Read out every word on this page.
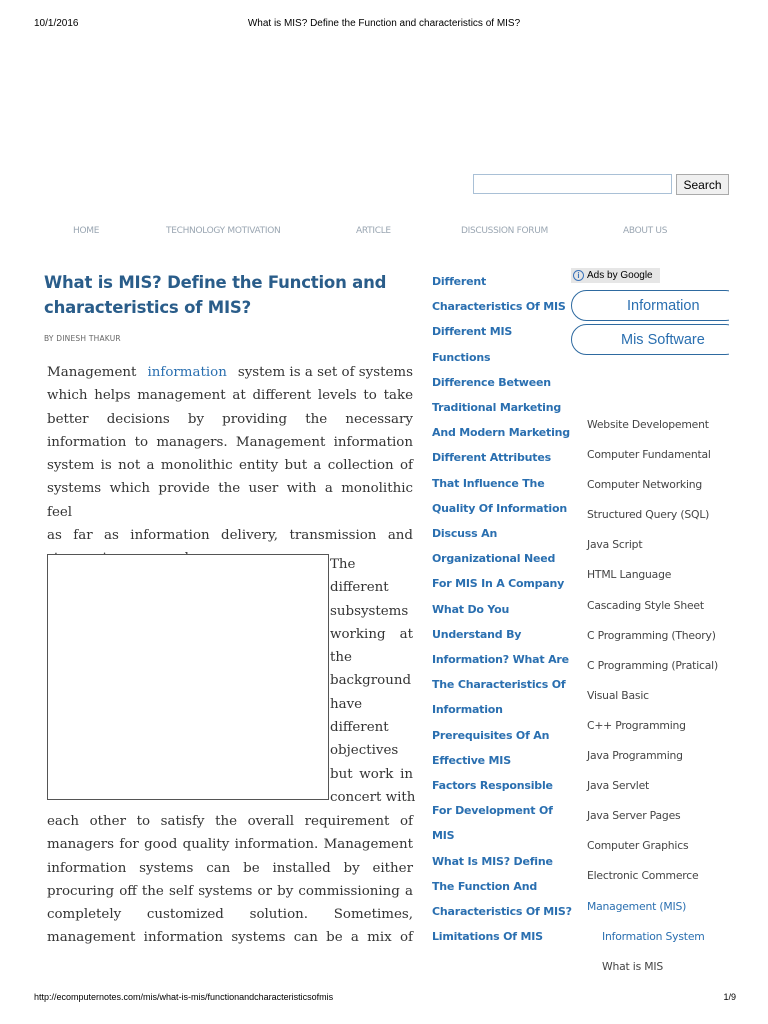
10/1/2016	What is MIS? Define the Function and characteristics of MIS?
Search
HOME	TECHNOLOGY MOTIVATION	ARTICLE	DISCUSSION FORUM	ABOUT US
What is MIS? Define the Function and
characteristics of MIS?
BY DINESH THAKUR
Management information system is a set of systems
which helps management at different levels to take
better decisions by providing the necessary
information to managers. Management information
system is not a monolithic entity but a collection of
systems which provide the user with a monolithic feel
as far as information delivery, transmission and
The
different
subsystems
working at
the
background
have
different
objectives
but work in
concert with
each other to satisfy the overall requirement of
managers for good quality information. Management
information systems can be installed by either
procuring off the self systems or by commissioning a
completely customized solution. Sometimes,
management information systems can be a mix of
Different
Characteristics Of MIS
Different MIS
Functions
Difference Between
Traditional Marketing
And Modern Marketing
Different Attributes
That Influence The
Quality Of Information
Discuss An
Organizational Need
For MIS In A Company
What Do You
Understand By
Information? What Are
The Characteristics Of
Information
Prerequisites Of An
Effective MIS
Factors Responsible
For Development Of
MIS
What Is MIS? Define
The Function And
Characteristics Of MIS?
Limitations Of MIS
i Ads by Google
Information
Mis Software
Website Developement
Computer Fundamental
Computer Networking
Structured Query (SQL)
Java Script
HTML Language
Cascading Style Sheet
C Programming (Theory)
C Programming (Pratical)
Visual Basic
C++ Programming
Java Programming
Java Servlet
Java Server Pages
Computer Graphics
Electronic Commerce
Management (MIS)
Information System
What is MIS
http://ecomputernotes.com/mis/what-is-mis/functionandcharacteristicsofmis	1/9
